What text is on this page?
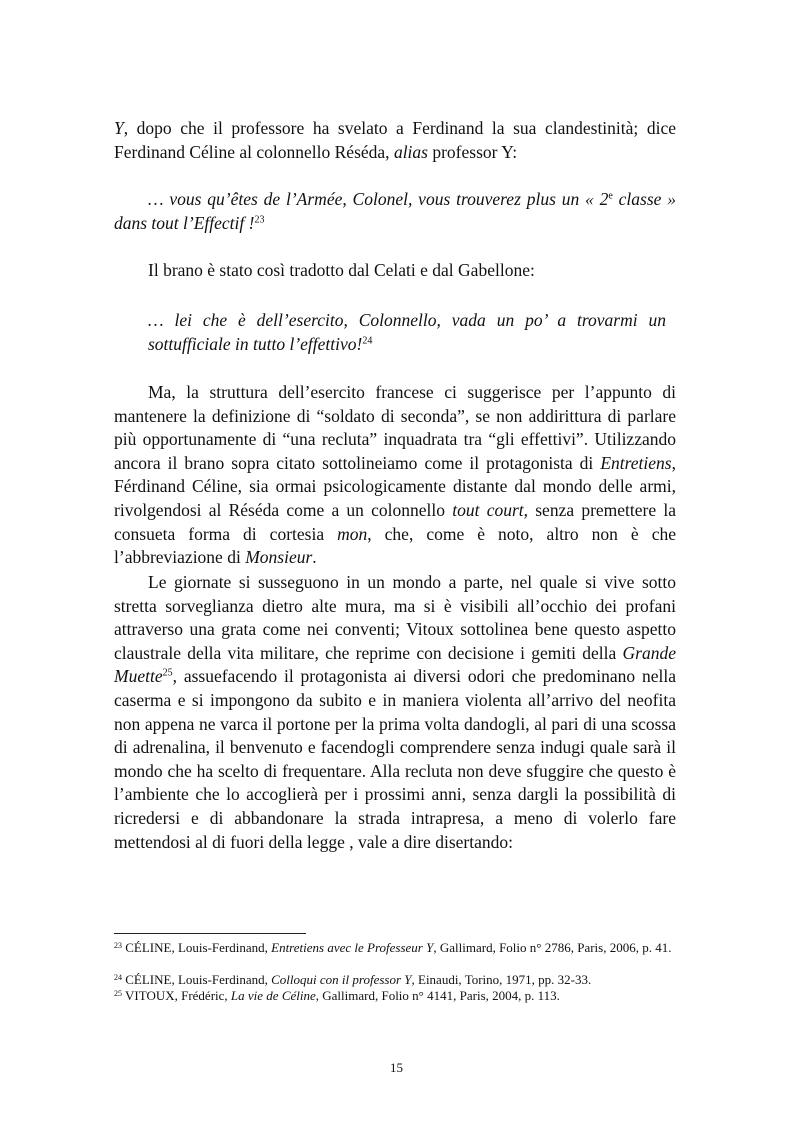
Y, dopo che il professore ha svelato a Ferdinand la sua clandestinità; dice Ferdinand Céline al colonnello Réséda, alias professor Y:

… vous qu’êtes de l’Armée, Colonel, vous trouverez plus un « 2e classe » dans tout l’Effectif !$^{23}$

Il brano è stato così tradotto dal Celati e dal Gabellone:

… lei che è dell’esercito, Colonnello, vada un po’ a trovarmi un sottufficiale in tutto l’effettivo!$^{24}$

Ma, la struttura dell’esercito francese ci suggerisce per l’appunto di mantenere la definizione di “soldato di seconda”, se non addirittura di parlare più opportunamente di “una recluta” inquadrata tra “gli effettivi”. Utilizzando ancora il brano sopra citato sottolineiamo come il protagonista di Entretiens, Férdinand Céline, sia ormai psicologicamente distante dal mondo delle armi, rivolgendosi al Réséda come a un colonnello tout court, senza premettere la consueta forma di cortesia mon, che, come è noto, altro non è che l’abbreviazione di Monsieur.

Le giornate si susseguono in un mondo a parte, nel quale si vive sotto stretta sorveglianza dietro alte mura, ma si è visibili all’occhio dei profani attraverso una grata come nei conventi; Vitoux sottolinea bene questo aspetto claustrale della vita militare, che reprime con decisione i gemiti della Grande Muette$^{25}$, assuefacendo il protagonista ai diversi odori che predominano nella caserma e si impongono da subito e in maniera violenta all’arrivo del neofita non appena ne varca il portone per la prima volta dandogli, al pari di una scossa di adrenalina, il benvenuto e facendogli comprendere senza indugi quale sarà il mondo che ha scelto di frequentare. Alla recluta non deve sfuggire che questo è l’ambiente che lo accoglierà per i prossimi anni, senza dargli la possibilità di ricredersi e di abbandonare la strada intrapresa, a meno di volerlo fare mettendosi al di fuori della legge , vale a dire disertando:

$^{23}$ CÉLINE, Louis-Ferdinand, Entretiens avec le Professeur Y, Gallimard, Folio n° 2786, Paris, 2006, p. 41.

$^{24}$ CÉLINE, Louis-Ferdinand, Colloqui con il professor Y, Einaudi, Torino, 1971, pp. 32-33.

$^{25}$ VITOUX, Frédéric, La vie de Céline, Gallimard, Folio n° 4141, Paris, 2004, p. 113.

15
